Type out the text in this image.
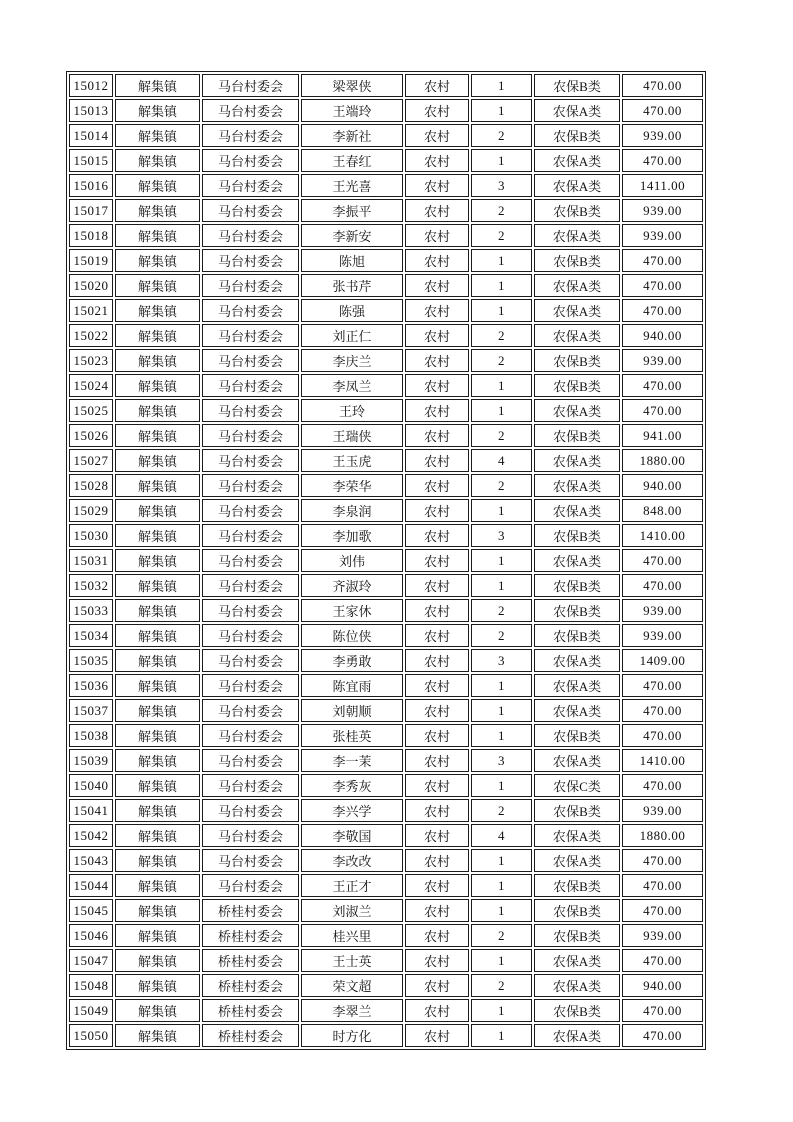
15012	解集镇	马台村委会	梁翠侠	农村	1	农保B类	470.00
15013	解集镇	马台村委会	王端玲	农村	1	农保A类	470.00
15014	解集镇	马台村委会	李新社	农村	2	农保B类	939.00
15015	解集镇	马台村委会	王春红	农村	1	农保A类	470.00
15016	解集镇	马台村委会	王光喜	农村	3	农保A类	1411.00
15017	解集镇	马台村委会	李振平	农村	2	农保B类	939.00
15018	解集镇	马台村委会	李新安	农村	2	农保A类	939.00
15019	解集镇	马台村委会	陈旭	农村	1	农保B类	470.00
15020	解集镇	马台村委会	张书芹	农村	1	农保A类	470.00
15021	解集镇	马台村委会	陈强	农村	1	农保A类	470.00
15022	解集镇	马台村委会	刘正仁	农村	2	农保A类	940.00
15023	解集镇	马台村委会	李庆兰	农村	2	农保B类	939.00
15024	解集镇	马台村委会	李凤兰	农村	1	农保B类	470.00
15025	解集镇	马台村委会	王玲	农村	1	农保A类	470.00
15026	解集镇	马台村委会	王瑞侠	农村	2	农保B类	941.00
15027	解集镇	马台村委会	王玉虎	农村	4	农保A类	1880.00
15028	解集镇	马台村委会	李荣华	农村	2	农保A类	940.00
15029	解集镇	马台村委会	李泉润	农村	1	农保A类	848.00
15030	解集镇	马台村委会	李加歌	农村	3	农保B类	1410.00
15031	解集镇	马台村委会	刘伟	农村	1	农保A类	470.00
15032	解集镇	马台村委会	齐淑玲	农村	1	农保B类	470.00
15033	解集镇	马台村委会	王家休	农村	2	农保B类	939.00
15034	解集镇	马台村委会	陈位侠	农村	2	农保B类	939.00
15035	解集镇	马台村委会	李勇敢	农村	3	农保A类	1409.00
15036	解集镇	马台村委会	陈宜雨	农村	1	农保A类	470.00
15037	解集镇	马台村委会	刘朝顺	农村	1	农保A类	470.00
15038	解集镇	马台村委会	张桂英	农村	1	农保B类	470.00
15039	解集镇	马台村委会	李一茉	农村	3	农保A类	1410.00
15040	解集镇	马台村委会	李秀灰	农村	1	农保C类	470.00
15041	解集镇	马台村委会	李兴学	农村	2	农保B类	939.00
15042	解集镇	马台村委会	李敬国	农村	4	农保A类	1880.00
15043	解集镇	马台村委会	李改改	农村	1	农保A类	470.00
15044	解集镇	马台村委会	王正才	农村	1	农保B类	470.00
15045	解集镇	桥桂村委会	刘淑兰	农村	1	农保B类	470.00
15046	解集镇	桥桂村委会	桂兴里	农村	2	农保B类	939.00
15047	解集镇	桥桂村委会	王士英	农村	1	农保A类	470.00
15048	解集镇	桥桂村委会	荣文超	农村	2	农保A类	940.00
15049	解集镇	桥桂村委会	李翠兰	农村	1	农保B类	470.00
15050	解集镇	桥桂村委会	时方化	农村	1	农保A类	470.00
